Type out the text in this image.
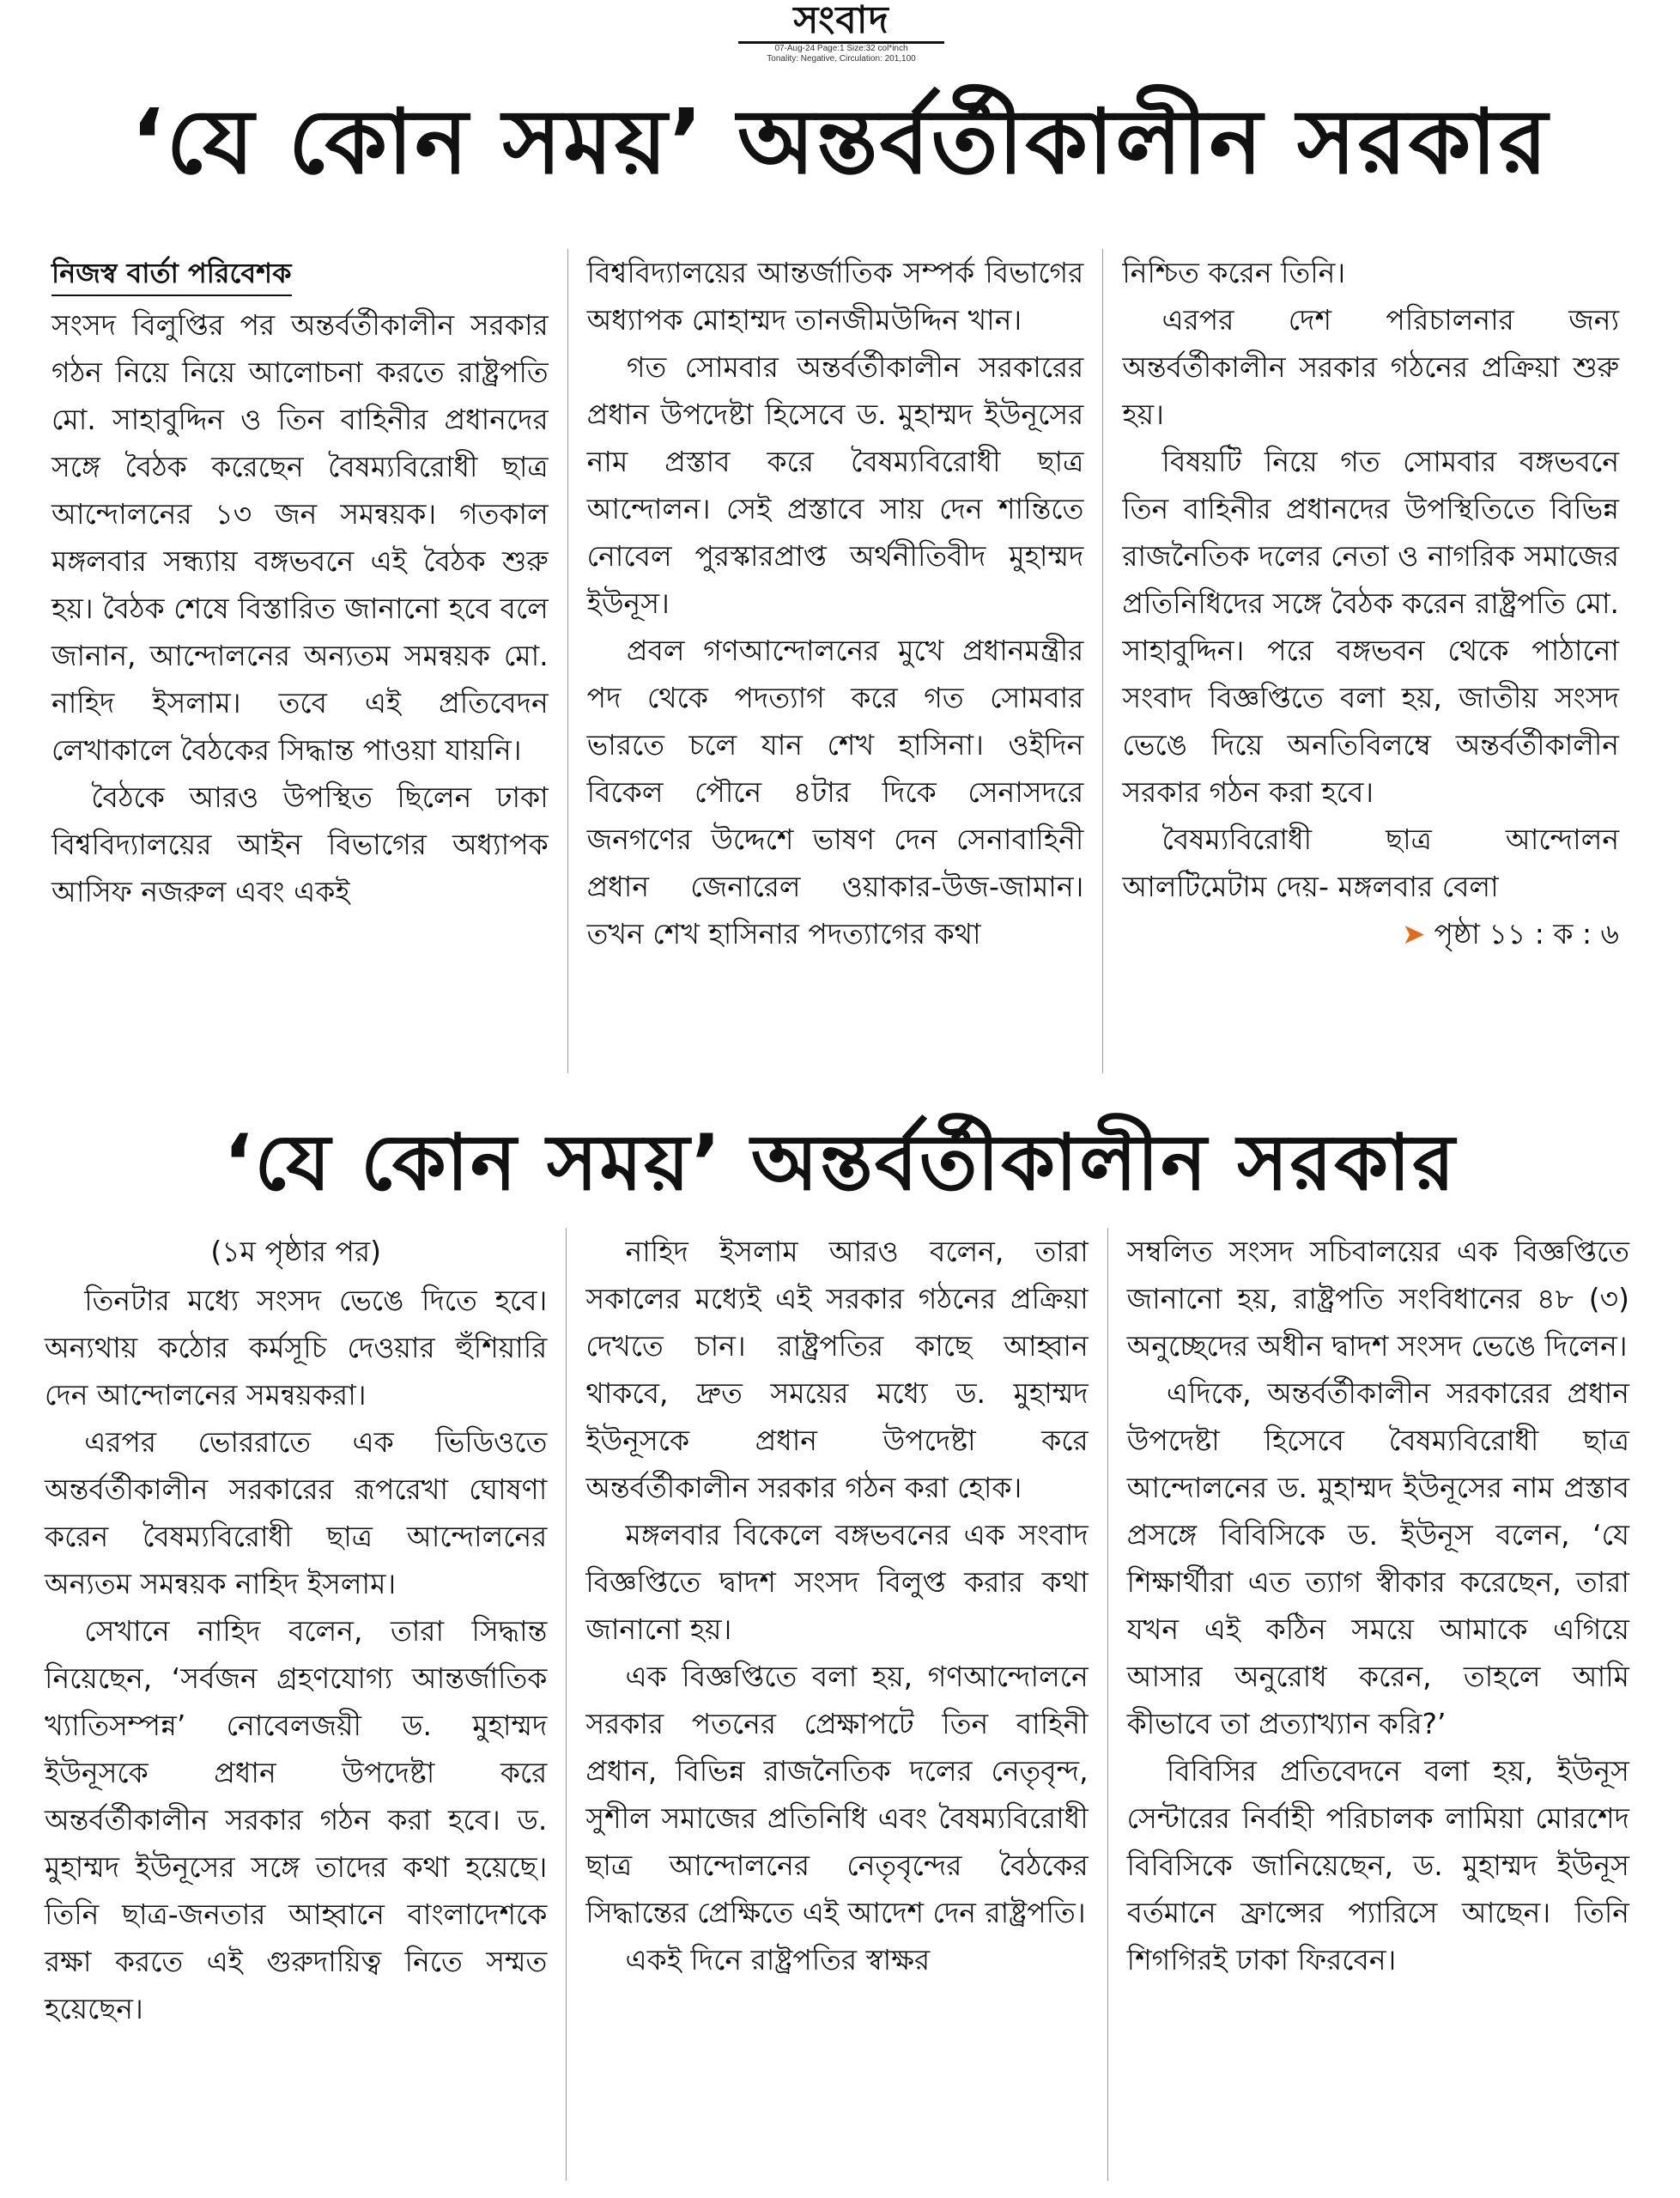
সংবাদ
07-Aug-24 Page:1 Size:32 col*inch
Tonality: Negative, Circulation: 201,100
‘যে কোন সময়’ অন্তর্বর্তীকালীন সরকার
নিজস্ব বার্তা পরিবেশক

সংসদ বিলুপ্তির পর অন্তর্বর্তীকালীন সরকার গঠন নিয়ে নিয়ে আলোচনা করতে রাষ্ট্রপতি মো. সাহাবুদ্দিন ও তিন বাহিনীর প্রধানদের সঙ্গে বৈঠক করেছেন বৈষম্যবিরোধী ছাত্র আন্দোলনের ১৩ জন সমন্বয়ক। গতকাল মঙ্গলবার সন্ধ্যায় বঙ্গভবনে এই বৈঠক শুরু হয়। বৈঠক শেষে বিস্তারিত জানানো হবে বলে জানান, আন্দোলনের অন্যতম সমন্বয়ক মো. নাহিদ ইসলাম। তবে এই প্রতিবেদন লেখাকালে বৈঠকের সিদ্ধান্ত পাওয়া যায়নি।

বৈঠকে আরও উপস্থিত ছিলেন ঢাকা বিশ্ববিদ্যালয়ের আইন বিভাগের অধ্যাপক আসিফ নজরুল এবং একই

বিশ্ববিদ্যালয়ের আন্তর্জাতিক সম্পর্ক বিভাগের অধ্যাপক মোহাম্মদ তানজীমউদ্দিন খান।

গত সোমবার অন্তর্বর্তীকালীন সরকারের প্রধান উপদেষ্টা হিসেবে ড. মুহাম্মদ ইউনূসের নাম প্রস্তাব করে বৈষম্যবিরোধী ছাত্র আন্দোলন। সেই প্রস্তাবে সায় দেন শান্তিতে নোবেল পুরস্কারপ্রাপ্ত অর্থনীতিবীদ মুহাম্মদ ইউনূস।

প্রবল গণআন্দোলনের মুখে প্রধানমন্ত্রীর পদ থেকে পদত্যাগ করে গত সোমবার ভারতে চলে যান শেখ হাসিনা। ওইদিন বিকেল পৌনে ৪টার দিকে সেনাসদরে জনগণের উদ্দেশে ভাষণ দেন সেনাবাহিনী প্রধান জেনারেল ওয়াকার-উজ-জামান। তখন শেখ হাসিনার পদত্যাগের কথা

নিশ্চিত করেন তিনি।

এরপর দেশ পরিচালনার জন্য অন্তর্বর্তীকালীন সরকার গঠনের প্রক্রিয়া শুরু হয়।

বিষয়টি নিয়ে গত সোমবার বঙ্গভবনে তিন বাহিনীর প্রধানদের উপস্থিতিতে বিভিন্ন রাজনৈতিক দলের নেতা ও নাগরিক সমাজের প্রতিনিধিদের সঙ্গে বৈঠক করেন রাষ্ট্রপতি মো. সাহাবুদ্দিন। পরে বঙ্গভবন থেকে পাঠানো সংবাদ বিজ্ঞপ্তিতে বলা হয়, জাতীয় সংসদ ভেঙে দিয়ে অনতিবিলম্বে অন্তর্বর্তীকালীন সরকার গঠন করা হবে।

বৈষম্যবিরোধী ছাত্র আন্দোলন আলটিমেটাম দেয়- মঙ্গলবার বেলা

➤ পৃষ্ঠা ১১ : ক : ৬
‘যে কোন সময়’ অন্তর্বর্তীকালীন সরকার

(১ম পৃষ্ঠার পর)

তিনটার মধ্যে সংসদ ভেঙে দিতে হবে। অন্যথায় কঠোর কর্মসূচি দেওয়ার হুঁশিয়ারি দেন আন্দোলনের সমন্বয়করা।

এরপর ভোররাতে এক ভিডিওতে অন্তর্বর্তীকালীন সরকারের রূপরেখা ঘোষণা করেন বৈষম্যবিরোধী ছাত্র আন্দোলনের অন্যতম সমন্বয়ক নাহিদ ইসলাম।

সেখানে নাহিদ বলেন, তারা সিদ্ধান্ত নিয়েছেন, ‘সর্বজন গ্রহণযোগ্য আন্তর্জাতিক খ্যাতিসম্পন্ন’ নোবেলজয়ী ড. মুহাম্মদ ইউনূসকে প্রধান উপদেষ্টা করে অন্তর্বর্তীকালীন সরকার গঠন করা হবে। ড. মুহাম্মদ ইউনূসের সঙ্গে তাদের কথা হয়েছে। তিনি ছাত্র-জনতার আহ্বানে বাংলাদেশকে রক্ষা করতে এই গুরুদায়িত্ব নিতে সম্মত হয়েছেন।

নাহিদ ইসলাম আরও বলেন, তারা সকালের মধ্যেই এই সরকার গঠনের প্রক্রিয়া দেখতে চান। রাষ্ট্রপতির কাছে আহ্বান থাকবে, দ্রুত সময়ের মধ্যে ড. মুহাম্মদ ইউনূসকে প্রধান উপদেষ্টা করে অন্তর্বর্তীকালীন সরকার গঠন করা হোক।

মঙ্গলবার বিকেলে বঙ্গভবনের এক সংবাদ বিজ্ঞপ্তিতে দ্বাদশ সংসদ বিলুপ্ত করার কথা জানানো হয়।

এক বিজ্ঞপ্তিতে বলা হয়, গণআন্দোলনে সরকার পতনের প্রেক্ষাপটে তিন বাহিনী প্রধান, বিভিন্ন রাজনৈতিক দলের নেতৃবৃন্দ, সুশীল সমাজের প্রতিনিধি এবং বৈষম্যবিরোধী ছাত্র আন্দোলনের নেতৃবৃন্দের বৈঠকের সিদ্ধান্তের প্রেক্ষিতে এই আদেশ দেন রাষ্ট্রপতি।

একই দিনে রাষ্ট্রপতির স্বাক্ষর

সম্বলিত সংসদ সচিবালয়ের এক বিজ্ঞপ্তিতে জানানো হয়, রাষ্ট্রপতি সংবিধানের ৪৮ (৩) অনুচ্ছেদের অধীন দ্বাদশ সংসদ ভেঙে দিলেন।

এদিকে, অন্তর্বর্তীকালীন সরকারের প্রধান উপদেষ্টা হিসেবে বৈষম্যবিরোধী ছাত্র আন্দোলনের ড. মুহাম্মদ ইউনূসের নাম প্রস্তাব প্রসঙ্গে বিবিসিকে ড. ইউনূস বলেন, ‘যে শিক্ষার্থীরা এত ত্যাগ স্বীকার করেছেন, তারা যখন এই কঠিন সময়ে আমাকে এগিয়ে আসার অনুরোধ করেন, তাহলে আমি কীভাবে তা প্রত্যাখ্যান করি?’

বিবিসির প্রতিবেদনে বলা হয়, ইউনূস সেন্টারের নির্বাহী পরিচালক লামিয়া মোরশেদ বিবিসিকে জানিয়েছেন, ড. মুহাম্মদ ইউনূস বর্তমানে ফ্রান্সের প্যারিসে আছেন। তিনি শিগগিরই ঢাকা ফিরবেন।
